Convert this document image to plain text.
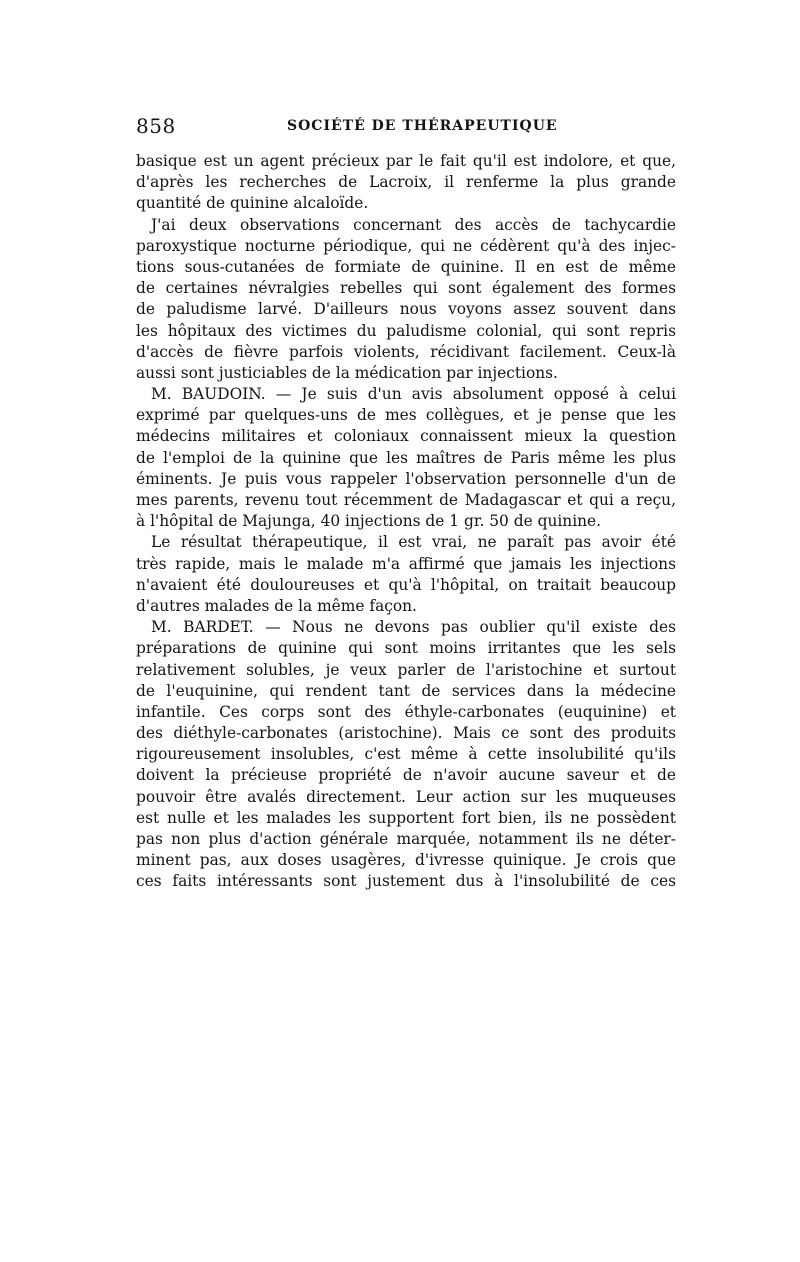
858	SOCIÉTÉ DE THÉRAPEUTIQUE
basique est un agent précieux par le fait qu'il est indolore, et que,
d'après les recherches de Lacroix, il renferme la plus grande
quantité de quinine alcaloïde.
J'ai deux observations concernant des accès de tachycardie
paroxystique nocturne périodique, qui ne cédèrent qu'à des injec-
tions sous-cutanées de formiate de quinine. Il en est de même
de certaines névralgies rebelles qui sont également des formes
de paludisme larvé. D'ailleurs nous voyons assez souvent dans
les hôpitaux des victimes du paludisme colonial, qui sont repris
d'accès de fièvre parfois violents, récidivant facilement. Ceux-là
aussi sont justiciables de la médication par injections.
M. BAUDOIN. — Je suis d'un avis absolument opposé à celui
exprimé par quelques-uns de mes collègues, et je pense que les
médecins militaires et coloniaux connaissent mieux la question
de l'emploi de la quinine que les maîtres de Paris même les plus
éminents. Je puis vous rappeler l'observation personnelle d'un de
mes parents, revenu tout récemment de Madagascar et qui a reçu,
à l'hôpital de Majunga, 40 injections de 1 gr. 50 de quinine.
Le résultat thérapeutique, il est vrai, ne paraît pas avoir été
très rapide, mais le malade m'a affirmé que jamais les injections
n'avaient été douloureuses et qu'à l'hôpital, on traitait beaucoup
d'autres malades de la même façon.
M. BARDET. — Nous ne devons pas oublier qu'il existe des
préparations de quinine qui sont moins irritantes que les sels
relativement solubles, je veux parler de l'aristochine et surtout
de l'euquinine, qui rendent tant de services dans la médecine
infantile. Ces corps sont des éthyle-carbonates (euquinine) et
des diéthyle-carbonates (aristochine). Mais ce sont des produits
rigoureusement insolubles, c'est même à cette insolubilité qu'ils
doivent la précieuse propriété de n'avoir aucune saveur et de
pouvoir être avalés directement. Leur action sur les muqueuses
est nulle et les malades les supportent fort bien, ils ne possèdent
pas non plus d'action générale marquée, notamment ils ne déter-
minent pas, aux doses usagères, d'ivresse quinique. Je crois que
ces faits intéressants sont justement dus à l'insolubilité de ces
